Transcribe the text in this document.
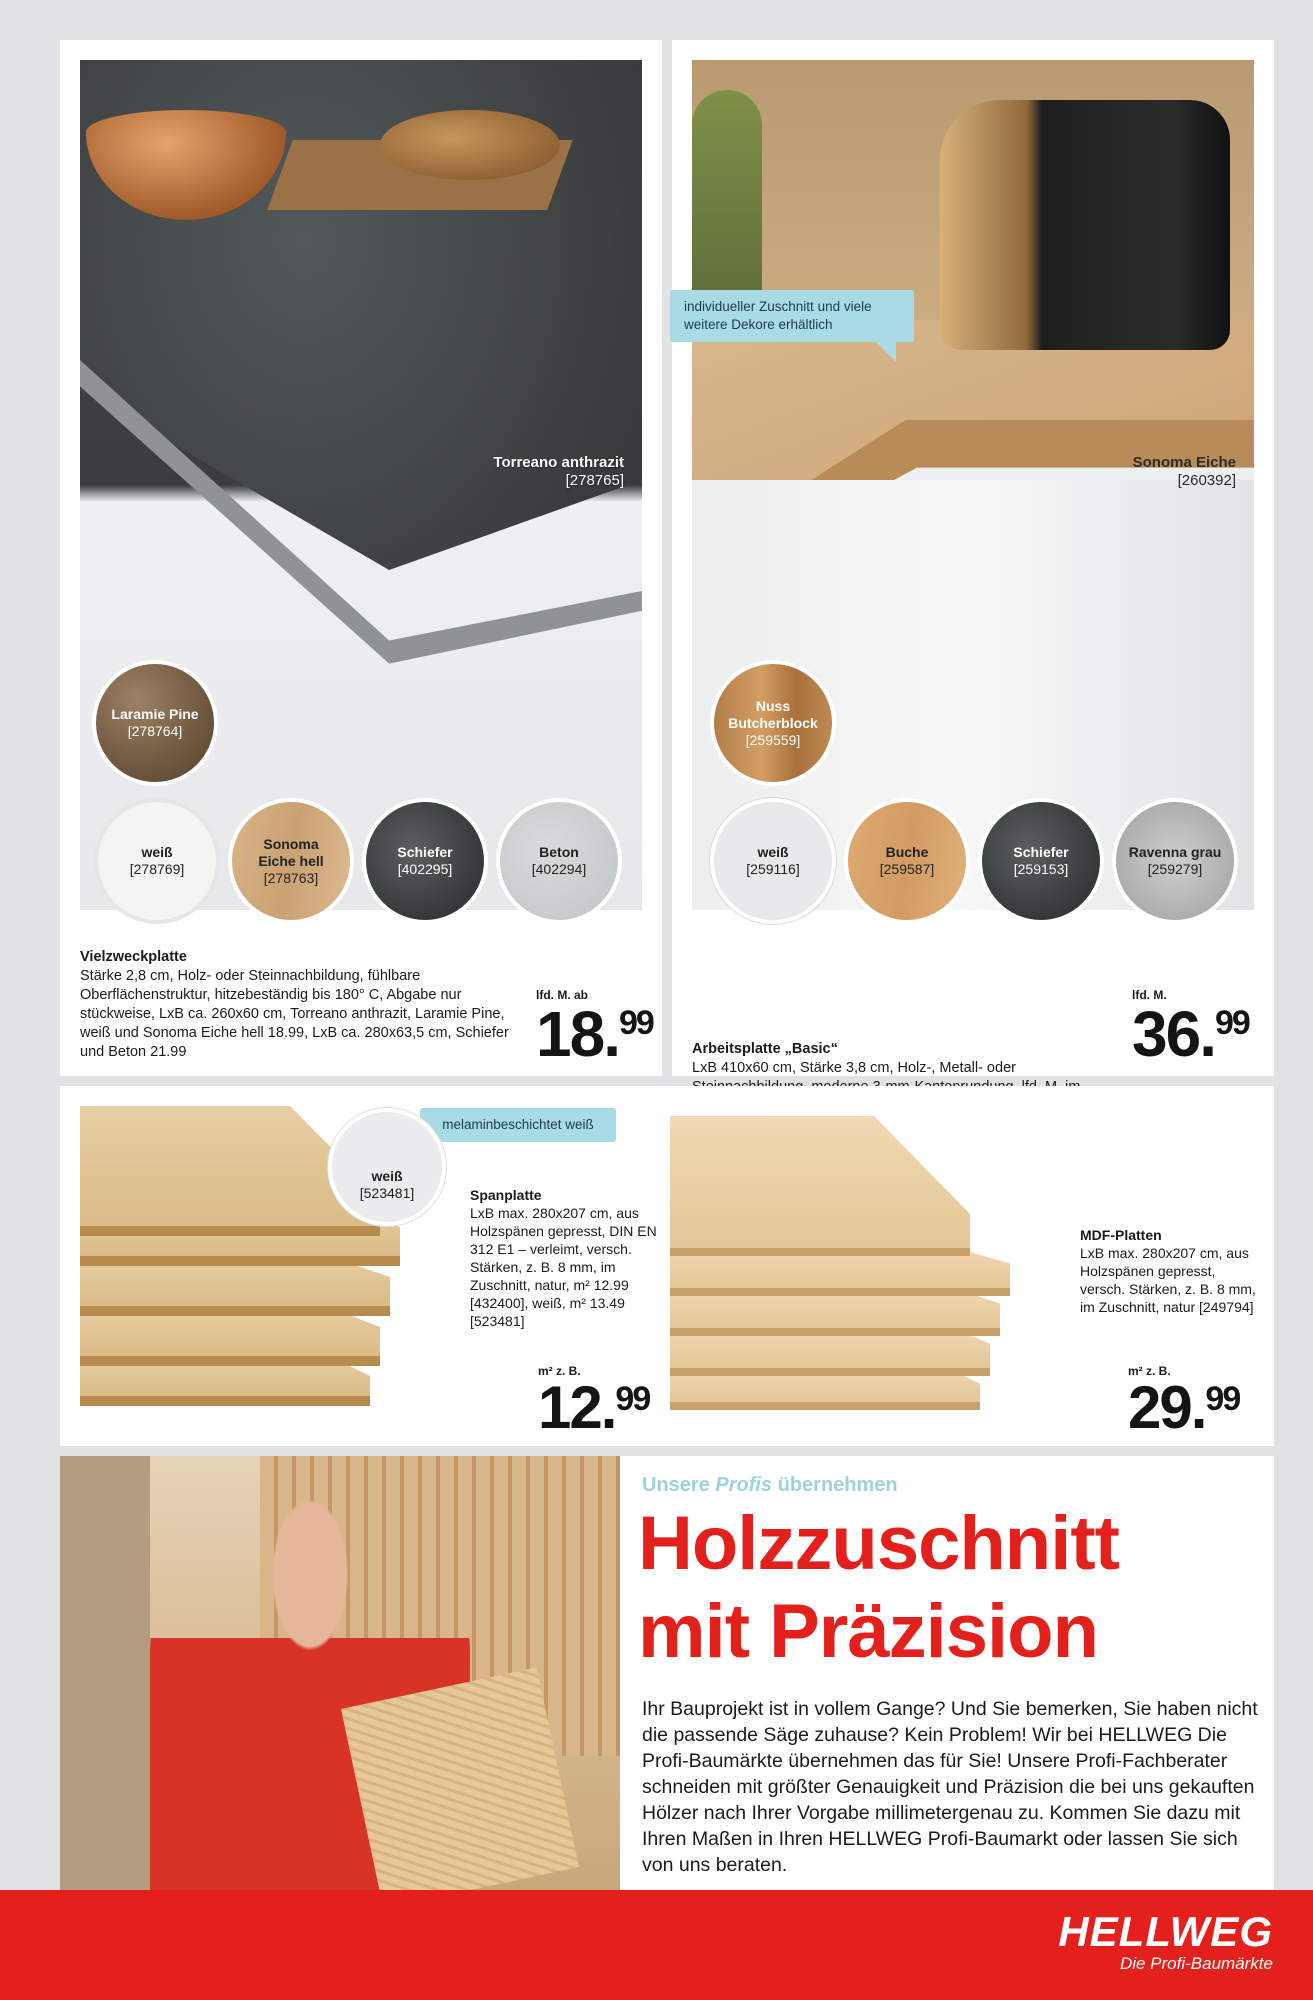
Torreano anthrazit
[278765]
Laramie Pine
[278764]
weiß
[278769]
Sonoma Eiche hell
[278763]
Schiefer
[402295]
Beton
[402294]
Vielzweckplatte
Stärke 2,8 cm, Holz- oder Steinnachbildung, fühlbare Oberflächenstruktur, hitzebeständig bis 180° C, Abgabe nur stückweise, LxB ca. 260x60 cm, Torreano anthrazit, Laramie Pine, weiß und Sonoma Eiche hell 18.99, LxB ca. 280x63,5 cm, Schiefer und Beton 21.99
lfd. M. ab
18.99
Sonoma Eiche
[260392]
individueller Zuschnitt und viele weitere Dekore erhältlich
Nuss Butcherblock
[259559]
weiß
[259116]
Buche
[259587]
Schiefer
[259153]
Ravenna grau
[259279]
Arbeitsplatte „Basic“
LxB 410x60 cm, Stärke 3,8 cm, Holz-, Metall- oder
lfd. M.
36.99
melaminbeschichtet weiß
weiß
[523481]	Spanplatte
LxB max. 280x207 cm, aus Holzspänen gepresst, DIN EN 312 E1 – verleimt, versch. Stärken, z. B. 8 mm, im Zuschnitt, natur, m² 12.99 [432400], weiß, m² 13.49 [523481]
m² z. B.
12.99
MDF-Platten
LxB max. 280x207 cm, aus Holzspänen gepresst, versch. Stärken, z. B. 8 mm, im Zuschnitt, natur [249794]
m² z. B.
29.99
Unsere Profis übernehmen
Holzzuschnitt
mit Präzision
Ihr Bauprojekt ist in vollem Gange? Und Sie bemerken, Sie haben nicht die passende Säge zuhause? Kein Problem! Wir bei HELLWEG Die Profi-Baumärkte übernehmen das für Sie! Unsere Profi-Fachberater schneiden mit größter Genauigkeit und Präzision die bei uns gekauften Hölzer nach Ihrer Vorgabe millimetergenau zu. Kommen Sie dazu mit Ihren Maßen in Ihren HELLWEG Profi-Baumarkt oder lassen Sie sich von uns beraten.
HELLWEG
Die Profi-Baumärkte
